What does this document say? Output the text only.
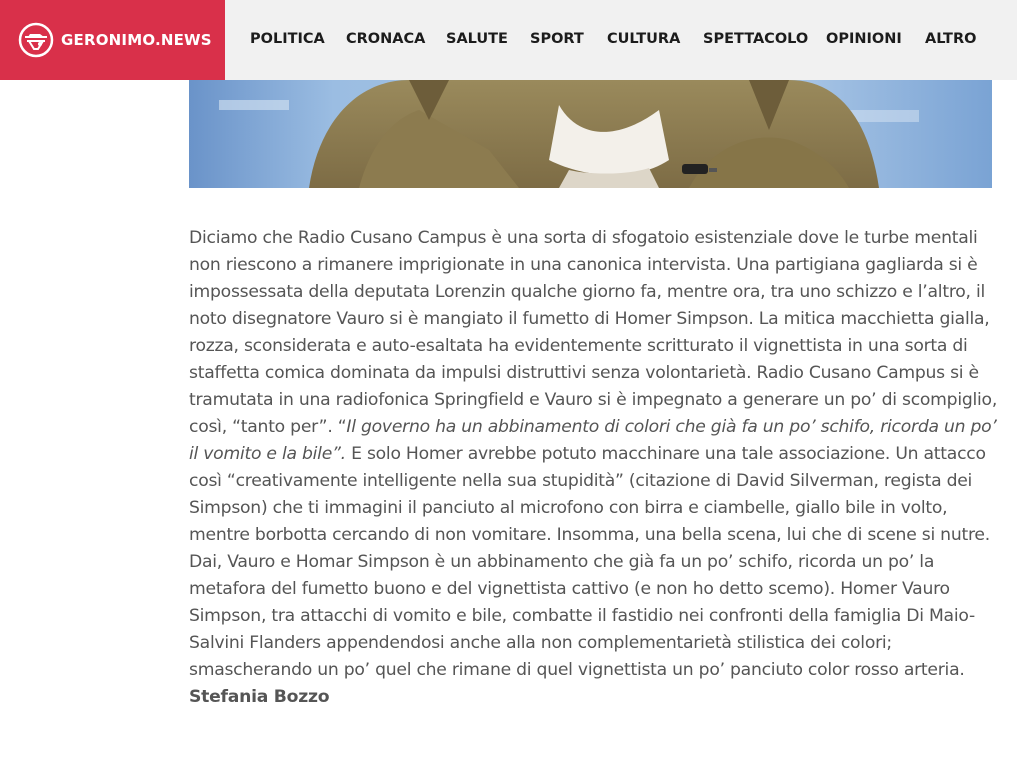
GERONIMO.NEWS	POLITICA CRONACA SALUTE SPORT CULTURA SPETTACOLO OPINIONI ALTRO

Diciamo che Radio Cusano Campus è una sorta di sfogatoio esistenziale dove le turbe mentali non riescono a rimanere imprigionate in una canonica intervista. Una partigiana gagliarda si è impossessata della deputata Lorenzin qualche giorno fa, mentre ora, tra uno schizzo e l’altro, il noto disegnatore Vauro si è mangiato il fumetto di Homer Simpson. La mitica macchietta gialla, rozza, sconsiderata e auto-esaltata ha evidentemente scritturato il vignettista in una sorta di staffetta comica dominata da impulsi distruttivi senza volontarietà. Radio Cusano Campus si è tramutata in una radiofonica Springfield e Vauro si è impegnato a generare un po’ di scompiglio, così, “tanto per”. “Il governo ha un abbinamento di colori che già fa un po’ schifo, ricorda un po’ il vomito e la bile”. E solo Homer avrebbe potuto macchinare una tale associazione. Un attacco così “creativamente intelligente nella sua stupidità” (citazione di David Silverman, regista dei Simpson) che ti immagini il panciuto al microfono con birra e ciambelle, giallo bile in volto, mentre borbotta cercando di non vomitare. Insomma, una bella scena, lui che di scene si nutre. Dai, Vauro e Homar Simpson è un abbinamento che già fa un po’ schifo, ricorda un po’ la metafora del fumetto buono e del vignettista cattivo (e non ho detto scemo). Homer Vauro Simpson, tra attacchi di vomito e bile, combatte il fastidio nei confronti della famiglia Di Maio-Salvini Flanders appendendosi anche alla non complementarietà stilistica dei colori; smascherando un po’ quel che rimane di quel vignettista un po’ panciuto color rosso arteria.

Stefania Bozzo
